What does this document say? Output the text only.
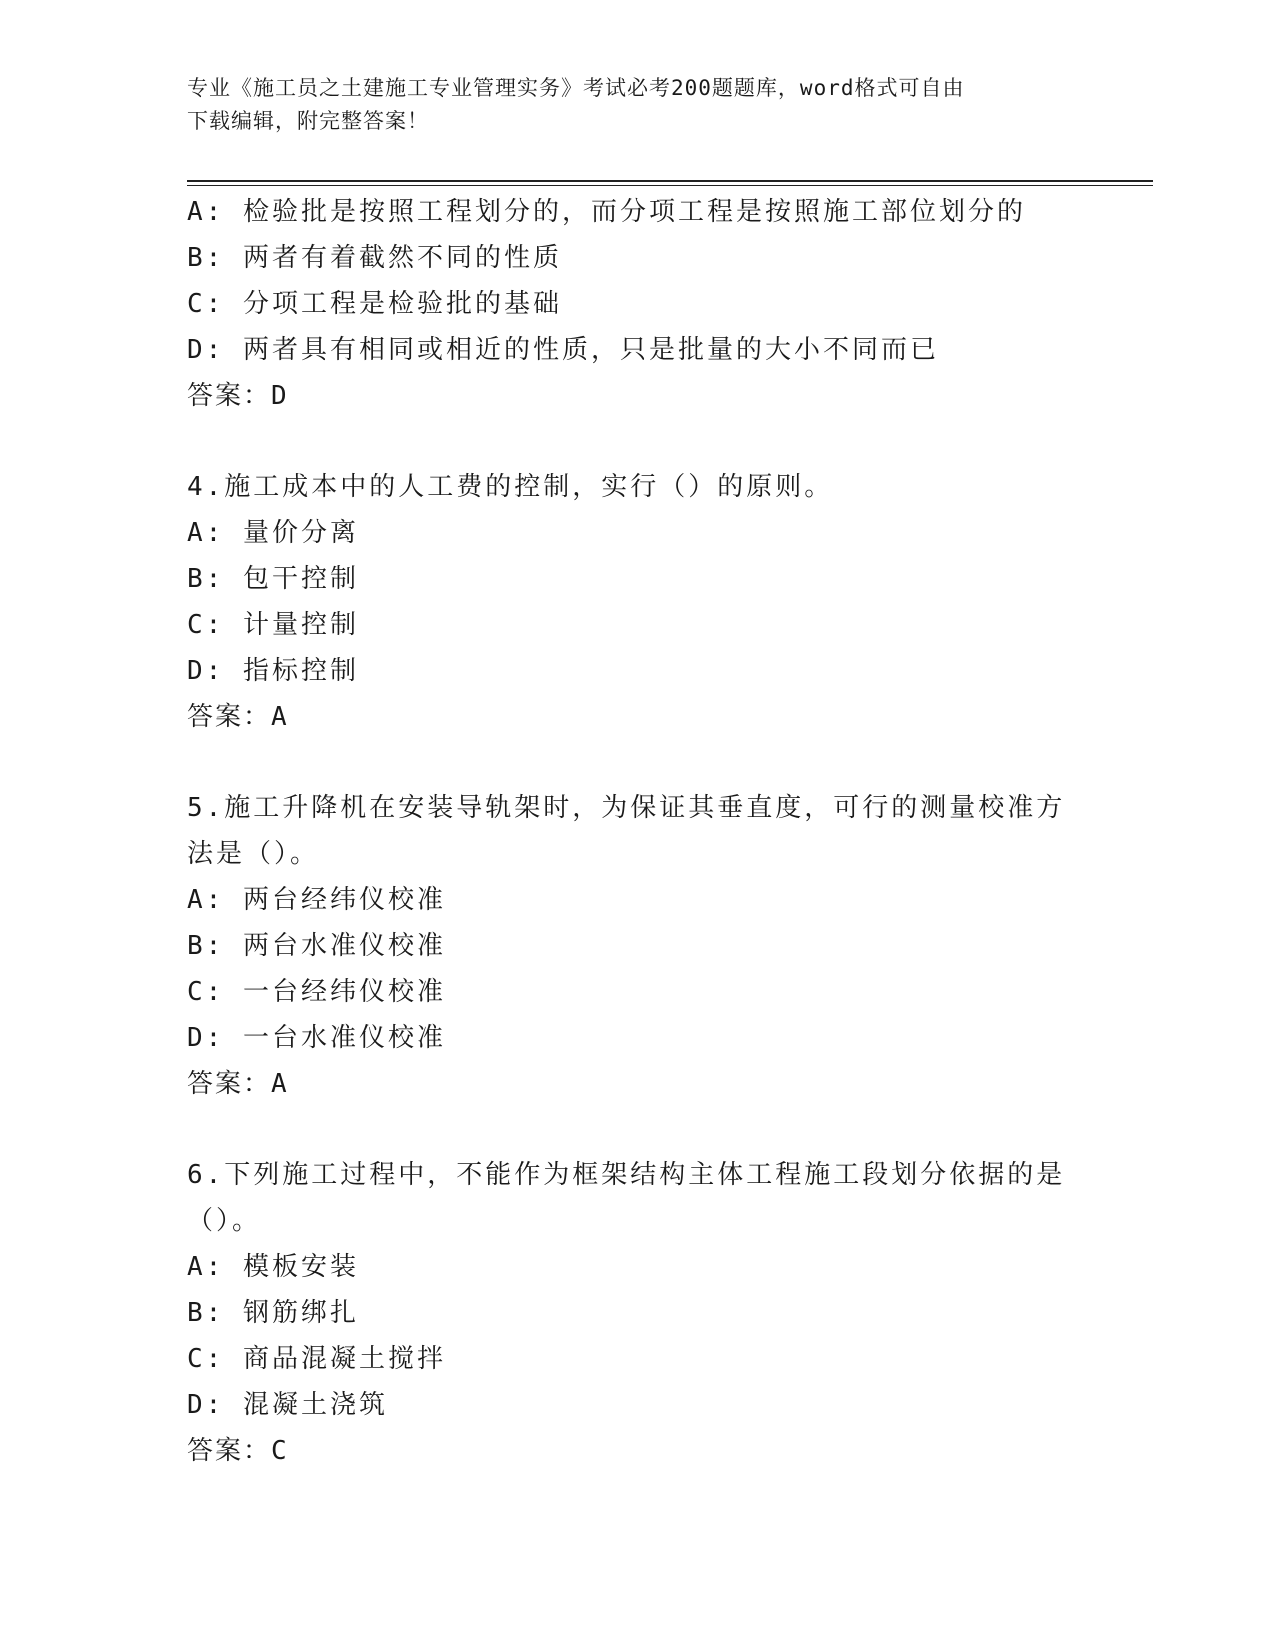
专业《施工员之土建施工专业管理实务》考试必考200题题库，word格式可自由
下载编辑，附完整答案！
A: 检验批是按照工程划分的，而分项工程是按照施工部位划分的
B: 两者有着截然不同的性质
C: 分项工程是检验批的基础
D: 两者具有相同或相近的性质，只是批量的大小不同而已
答案：D
4.施工成本中的人工费的控制，实行（）的原则。
A: 量价分离
B: 包干控制
C: 计量控制
D: 指标控制
答案：A
5.施工升降机在安装导轨架时，为保证其垂直度，可行的测量校准方
法是（）。
A: 两台经纬仪校准
B: 两台水准仪校准
C: 一台经纬仪校准
D: 一台水准仪校准
答案：A
6.下列施工过程中，不能作为框架结构主体工程施工段划分依据的是
（）。
A: 模板安装
B: 钢筋绑扎
C: 商品混凝土搅拌
D: 混凝土浇筑
答案：C
